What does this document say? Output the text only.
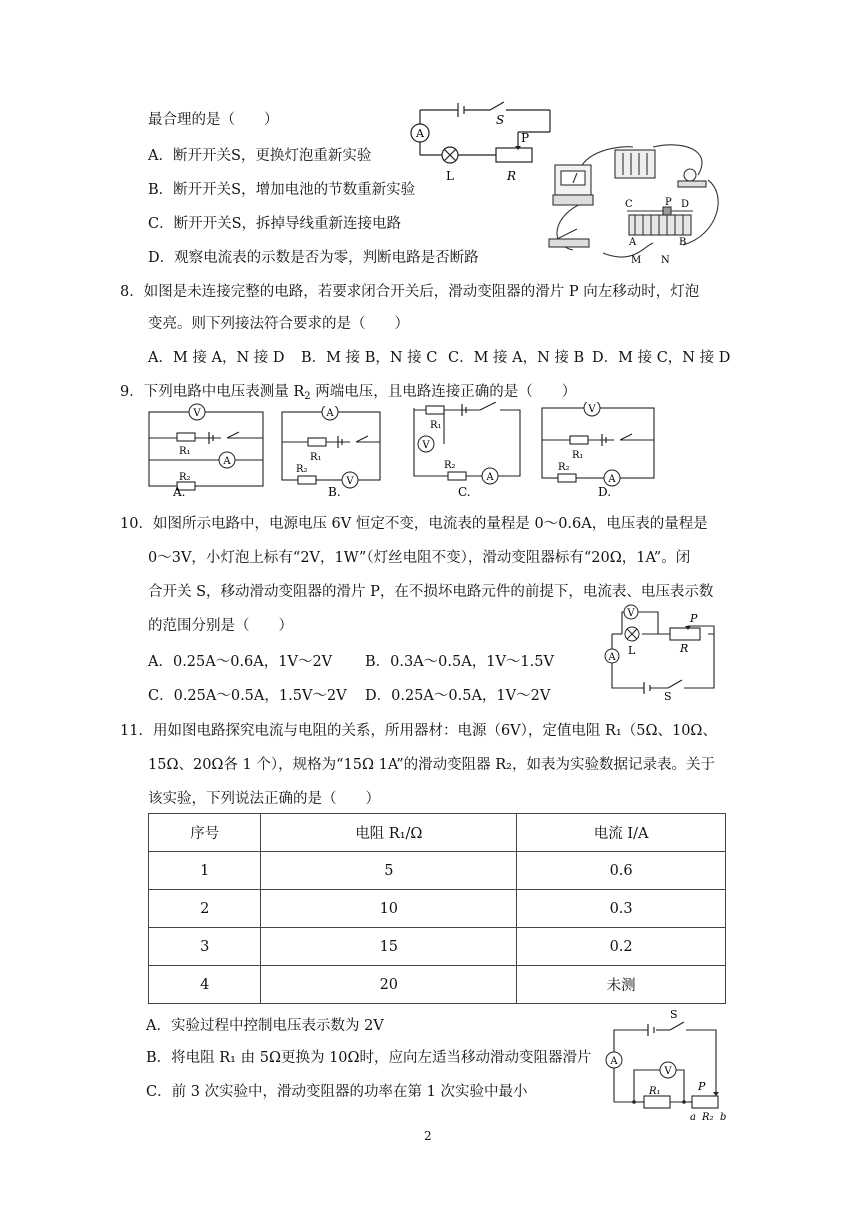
最合理的是（　　）
A．断开开关S，更换灯泡重新实验
B．断开开关S，增加电池的节数重新实验
C．断开开关S，拆掉导线重新连接电路
D．观察电流表的示数是否为零，判断电路是否断路
A
S
L
P
R
C	P D
A	B
M N
8．如图是未连接完整的电路，若要求闭合开关后，滑动变阻器的滑片 P 向左移动时，灯泡
变亮。则下列接法符合要求的是（　　）
A．M 接 A，N 接 D B．M 接 B，N 接 C C．M 接 A，N 接 B D．M 接 C，N 接 D
9．下列电路中电压表测量 $R_2$ 两端电压，且电路连接正确的是（　　）
V
A
R₁
R₂
A.
A
V
R₁
R₂
B.
V
A
R₁
R₂
C.
V
A
R₁
R₂
D.
10．如图所示电路中，电源电压 6V 恒定不变，电流表的量程是 0～0.6A，电压表的量程是
0～3V，小灯泡上标有“2V，1W”（灯丝电阻不变），滑动变阻器标有“20Ω，1A”。闭
合开关 S，移动滑动变阻器的滑片 P，在不损坏电路元件的前提下，电流表、电压表示数
的范围分别是（　　）
A．0.25A～0.6A，1V～2V B．0.3A～0.5A，1V～1.5V
C．0.25A～0.5A，1.5V～2V D．0.25A～0.5A，1V～2V
V
A
L
P
R
S
11．用如图电路探究电流与电阻的关系，所用器材：电源（6V），定值电阻 R₁（5Ω、10Ω、
15Ω、20Ω各 1 个），规格为“15Ω 1A”的滑动变阻器 R₂，如表为实验数据记录表。关于
该实验，下列说法正确的是（　　）
序号	电阻 R₁/Ω	电流 I/A
1	5	0.6
2	10	0.3
3	15	0.2
4	20	未测
A．实验过程中控制电压表示数为 2V
B．将电阻 R₁ 由 5Ω更换为 10Ω时，应向左适当移动滑动变阻器滑片
C．前 3 次实验中，滑动变阻器的功率在第 1 次实验中最小
S
A
V
R₁	P
a R₂ b
2
